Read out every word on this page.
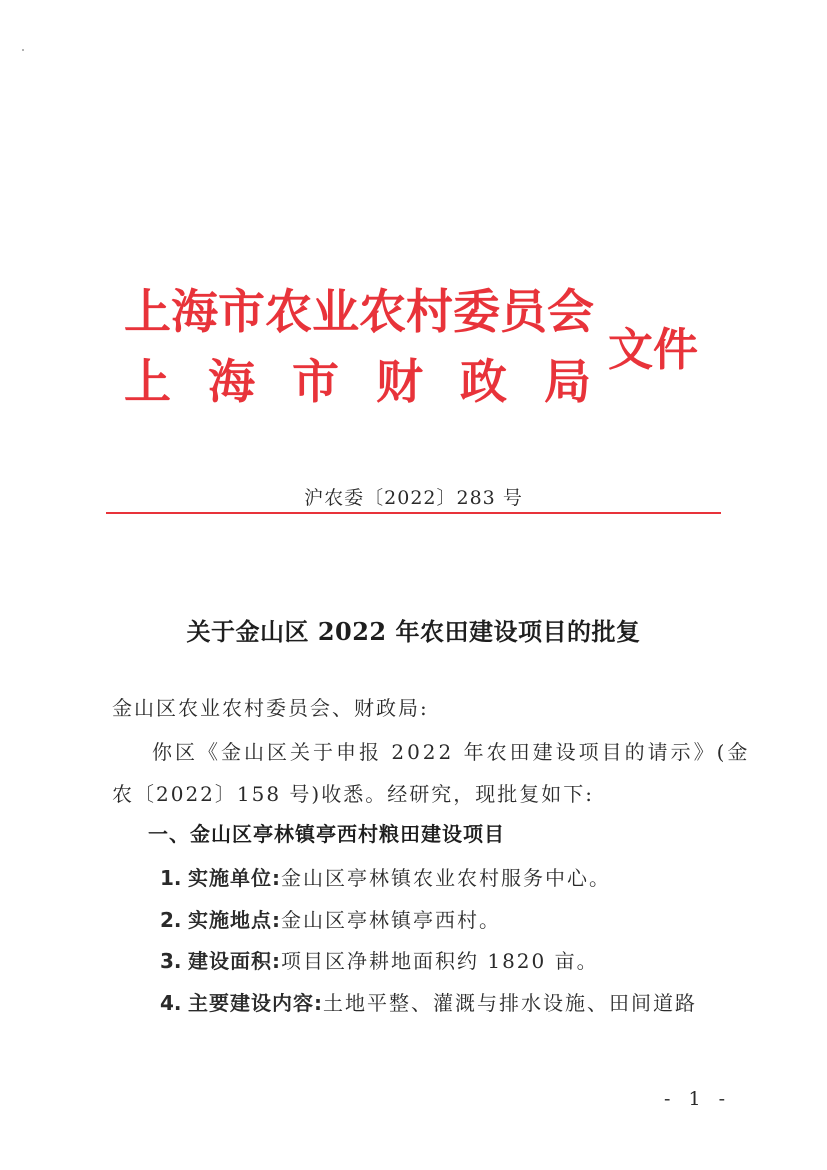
上海市农业农村委员会
上海市财政局
文件
沪农委〔2022〕283 号
关于金山区 2022 年农田建设项目的批复
金山区农业农村委员会、财政局:
你区《金山区关于申报 2022 年农田建设项目的请示》(金
农〔2022〕158 号)收悉。经研究，现批复如下:
一、金山区亭林镇亭西村粮田建设项目
1. 实施单位:金山区亭林镇农业农村服务中心。
2. 实施地点:金山区亭林镇亭西村。
3. 建设面积:项目区净耕地面积约 1820 亩。
4. 主要建设内容:土地平整、灌溉与排水设施、田间道路
- 1 -
